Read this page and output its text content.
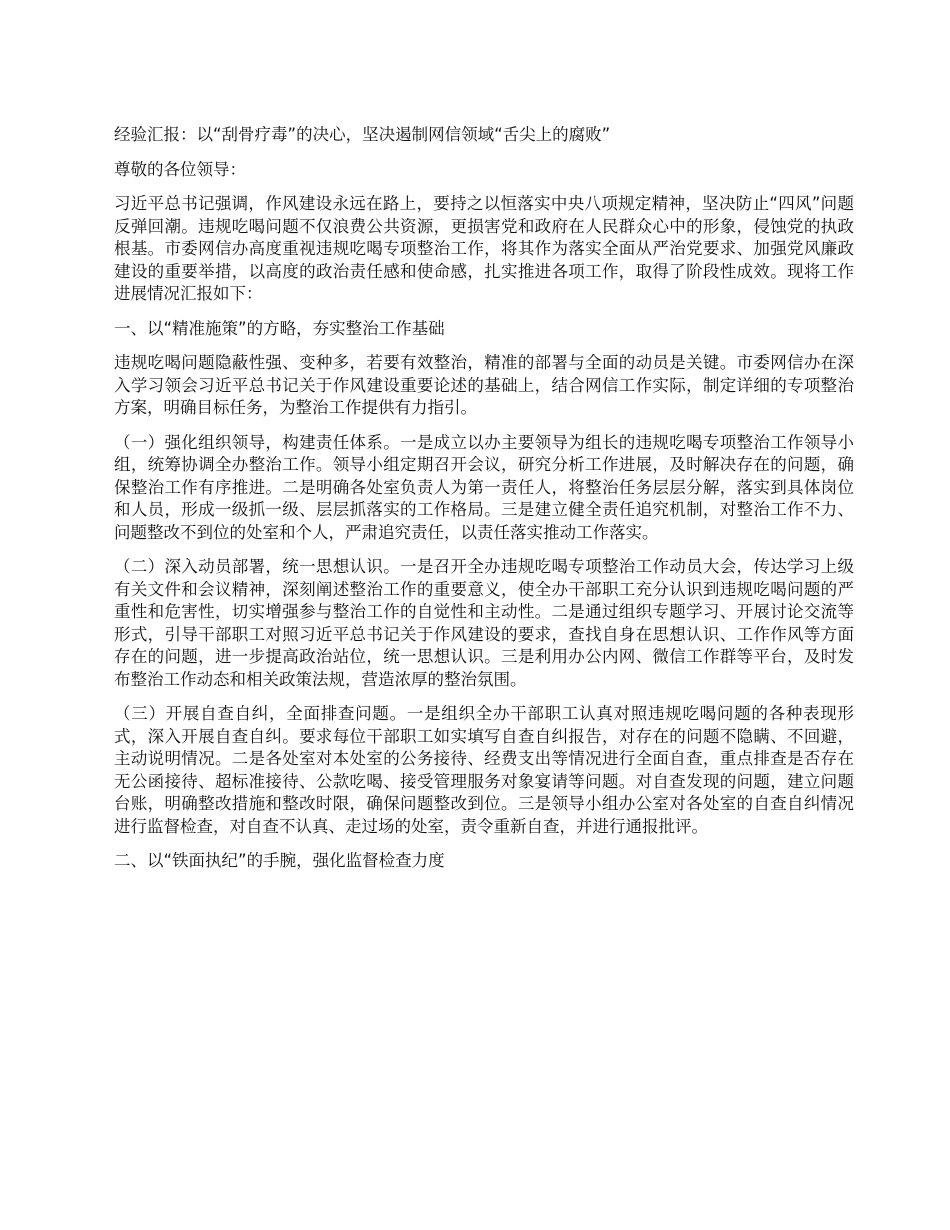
经验汇报：以“刮骨疗毒”的决心，坚决遏制网信领域“舌尖上的腐败”

尊敬的各位领导：

习近平总书记强调，作风建设永远在路上，要持之以恒落实中央八项规定精神，坚决防止“四风”问题反弹回潮。违规吃喝问题不仅浪费公共资源，更损害党和政府在人民群众心中的形象，侵蚀党的执政根基。市委网信办高度重视违规吃喝专项整治工作，将其作为落实全面从严治党要求、加强党风廉政建设的重要举措，以高度的政治责任感和使命感，扎实推进各项工作，取得了阶段性成效。现将工作进展情况汇报如下：

一、以“精准施策”的方略，夯实整治工作基础

违规吃喝问题隐蔽性强、变种多，若要有效整治，精准的部署与全面的动员是关键。市委网信办在深入学习领会习近平总书记关于作风建设重要论述的基础上，结合网信工作实际，制定详细的专项整治方案，明确目标任务，为整治工作提供有力指引。

（一）强化组织领导，构建责任体系。一是成立以办主要领导为组长的违规吃喝专项整治工作领导小组，统筹协调全办整治工作。领导小组定期召开会议，研究分析工作进展，及时解决存在的问题，确保整治工作有序推进。二是明确各处室负责人为第一责任人，将整治任务层层分解，落实到具体岗位和人员，形成一级抓一级、层层抓落实的工作格局。三是建立健全责任追究机制，对整治工作不力、问题整改不到位的处室和个人，严肃追究责任，以责任落实推动工作落实。

（二）深入动员部署，统一思想认识。一是召开全办违规吃喝专项整治工作动员大会，传达学习上级有关文件和会议精神，深刻阐述整治工作的重要意义，使全办干部职工充分认识到违规吃喝问题的严重性和危害性，切实增强参与整治工作的自觉性和主动性。二是通过组织专题学习、开展讨论交流等形式，引导干部职工对照习近平总书记关于作风建设的要求，查找自身在思想认识、工作作风等方面存在的问题，进一步提高政治站位，统一思想认识。三是利用办公内网、微信工作群等平台，及时发布整治工作动态和相关政策法规，营造浓厚的整治氛围。

（三）开展自查自纠，全面排查问题。一是组织全办干部职工认真对照违规吃喝问题的各种表现形式，深入开展自查自纠。要求每位干部职工如实填写自查自纠报告，对存在的问题不隐瞒、不回避，主动说明情况。二是各处室对本处室的公务接待、经费支出等情况进行全面自查，重点排查是否存在无公函接待、超标准接待、公款吃喝、接受管理服务对象宴请等问题。对自查发现的问题，建立问题台账，明确整改措施和整改时限，确保问题整改到位。三是领导小组办公室对各处室的自查自纠情况进行监督检查，对自查不认真、走过场的处室，责令重新自查，并进行通报批评。

二、以“铁面执纪”的手腕，强化监督检查力度
